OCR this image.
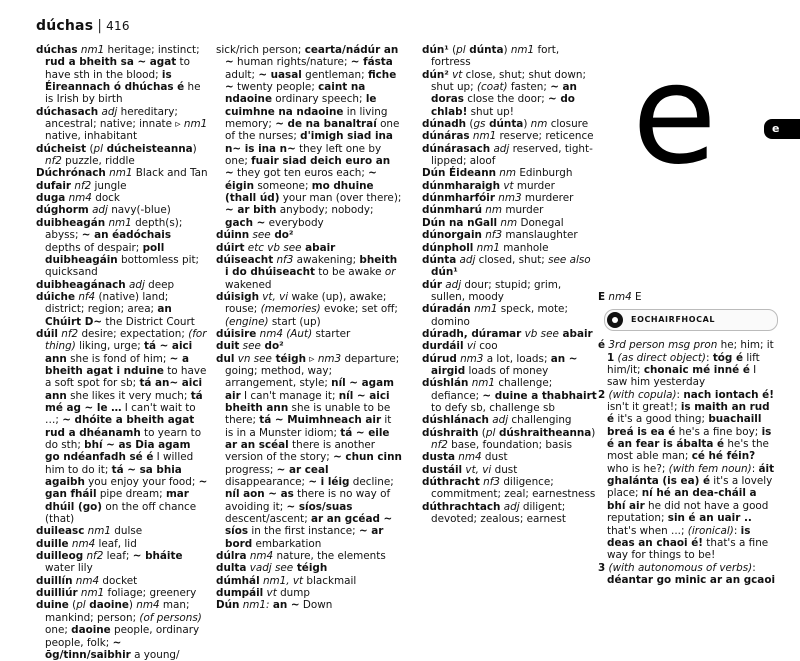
dúchas | 416

dúchas nm1 heritage; instinct; rud a bheith sa ~ agat to have sth in the blood; is Éireannach ó dhúchas é he is Irish by birth

dúchasach adj hereditary; ancestral; native; innate ▹ nm1 native, inhabitant

dúcheist (pl dúcheisteanna) nf2 puzzle, riddle

Dúchrónach nm1 Black and Tan

dufair nf2 jungle

duga nm4 dock

dúghorm adj navy(-blue)

duibheagán nm1 depth(s); abyss; ~ an éadóchais depths of despair; poll duibheagáin bottomless pit; quicksand

duibheagánach adj deep

dúiche nf4 (native) land; district; region; area; an Chúirt D~ the District Court

dúil nf2 desire; expectation; (for thing) liking, urge; tá ~ aici ann she is fond of him; ~ a bheith agat i nduine to have a soft spot for sb; tá an~ aici ann she likes it very much; tá mé ag ~ le … I can't wait to …; ~ dhóite a bheith agat rud a dhéanamh to yearn to do sth; bhí ~ as Dia agam go ndéanfadh sé é I willed him to do it; tá ~ sa bhia agaibh you enjoy your food; ~ gan fháil pipe dream; mar dhúil (go) on the off chance (that)

duileasc nm1 dulse

duille nm4 leaf, lid

duilleog nf2 leaf; ~ bháite water lily

duillín nm4 docket

duilliúr nm1 foliage; greenery

duine (pl daoine) nm4 man; mankind; person; (of persons) one; daoine people, ordinary people, folk; ~ ōg/tinn/saibhir a young/

sick/rich person; cearta/nádúr an ~ human rights/nature; ~ fásta adult; ~ uasal gentleman; fiche ~ twenty people; caint na ndaoine ordinary speech; le cuimhne na ndaoine in living memory; ~ de na banaltraí one of the nurses; d'imigh siad ina n~ is ina n~ they left one by one; fuair siad deich euro an ~ they got ten euros each; ~ éigin someone; mo dhuine (thall úd) your man (over there); ~ ar bith anybody; nobody; gach ~ everybody

dúinn see do²

dúirt etc vb see abair

dúiseacht nf3 awakening; bheith i do dhúiseacht to be awake or wakened

dúisigh vt, vi wake (up), awake; rouse; (memories) evoke; set off; (engine) start (up)

dúisire nm4 (Aut) starter

duit see do²

dul vn see téigh ▹ nm3 departure; going; method, way; arrangement, style; níl ~ agam air I can't manage it; níl ~ aici bheith ann she is unable to be there; tá ~ Muimhneach air it is in a Munster idiom; tá ~ eile ar an scéal there is another version of the story; ~ chun cinn progress; ~ ar ceal disappearance; ~ i léig decline; níl aon ~ as there is no way of avoiding it; ~ síos/suas descent/ascent; ar an gcéad ~ síos in the first instance; ~ ar bord embarkation

dúlra nm4 nature, the elements

dulta vadj see téigh

dúmhál nm1, vt blackmail

dumpáil vt dump

Dún nm1: an ~ Down

dún¹ (pl dúnta) nm1 fort, fortress

dún² vt close, shut; shut down; shut up; (coat) fasten; ~ an doras close the door; ~ do chlab! shut up!

dúnadh (gs dúnta) nm closure

dúnáras nm1 reserve; reticence

dúnárasach adj reserved, tight-lipped; aloof

Dún Éideann nm Edinburgh

dúnmharaigh vt murder

dúnmharfóir nm3 murderer

dúnmharú nm murder

Dún na nGall nm Donegal

dúnorgain nf3 manslaughter

dúnpholl nm1 manhole

dúnta adj closed, shut; see also dún¹

dúr adj dour; stupid; grim, sullen, moody

dúradán nm1 speck, mote; domino

dúradh, dúramar vb see abair

durdáil vi coo

dúrud nm3 a lot, loads; an ~ airgid loads of money

dúshlán nm1 challenge; defiance; ~ duine a thabhairt to defy sb, challenge sb

dúshlánach adj challenging

dúshraith (pl dúshraitheanna) nf2 base, foundation; basis

dusta nm4 dust

dustáil vt, vi dust

dúthracht nf3 diligence; commitment; zeal; earnestness

dúthrachtach adj diligent; devoted; zealous; earnest

e	e

E nm4 E

EOCHAIRFHOCAL

é 3rd person msg pron he; him; it 1 (as direct object): tóg é lift him/it; chonaic mé inné é I saw him yesterday

2 (with copula): nach iontach é! isn't it great!; is maith an rud é it's a good thing; buachaill breá is ea é he's a fine boy; is é an fear is ábalta é he's the most able man; cé hé féin? who is he?; (with fem noun): áit ghalánta (is ea) é it's a lovely place; ní hé an dea-cháil a bhí air he did not have a good reputation; sin é an uair .. that's when ...; (ironical): is deas an chaoi é! that's a fine way for things to be!

3 (with autonomous of verbs): déantar go minic ar an gcaoi
